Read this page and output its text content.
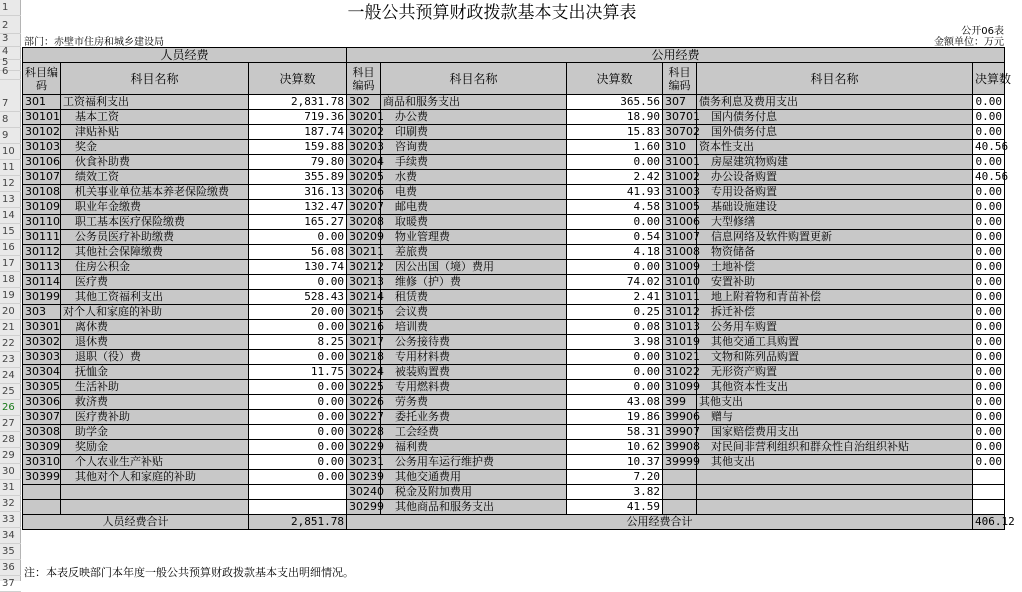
1
2
3
4
5
6
7
8
9
10
11
12
13
14
15
16
17
18
19
20
21
22
23
24
25
26
27
28
29
30
31
32
33
34
35
36
37
一般公共预算财政拨款基本支出决算表
公开06表
部门：赤壁市住房和城乡建设局	金额单位：万元
人员经费			公用经费					
科目编码	科目名称	决算数	科目编码	科目名称	决算数	科目编码	科目名称	决算数
301	工资福利支出	2,831.78	302	商品和服务支出	365.56	307	债务利息及费用支出	0.00
30101	基本工资	719.36	30201	办公费	18.90	30701	国内债务付息	0.00
30102	津贴补贴	187.74	30202	印刷费	15.83	30702	国外债务付息	0.00
30103	奖金	159.88	30203	咨询费	1.60	310	资本性支出	40.56
30106	伙食补助费	79.80	30204	手续费	0.00	31001	房屋建筑物购建	0.00
30107	绩效工资	355.89	30205	水费	2.42	31002	办公设备购置	40.56
30108	机关事业单位基本养老保险缴费	316.13	30206	电费	41.93	31003	专用设备购置	0.00
30109	职业年金缴费	132.47	30207	邮电费	4.58	31005	基础设施建设	0.00
30110	职工基本医疗保险缴费	165.27	30208	取暖费	0.00	31006	大型修缮	0.00
30111	公务员医疗补助缴费	0.00	30209	物业管理费	0.54	31007	信息网络及软件购置更新	0.00
30112	其他社会保障缴费	56.08	30211	差旅费	4.18	31008	物资储备	0.00
30113	住房公积金	130.74	30212	因公出国（境）费用	0.00	31009	土地补偿	0.00
30114	医疗费	0.00	30213	维修（护）费	74.02	31010	安置补助	0.00
30199	其他工资福利支出	528.43	30214	租赁费	2.41	31011	地上附着物和青苗补偿	0.00
303	对个人和家庭的补助	20.00	30215	会议费	0.25	31012	拆迁补偿	0.00
30301	离休费	0.00	30216	培训费	0.08	31013	公务用车购置	0.00
30302	退休费	8.25	30217	公务接待费	3.98	31019	其他交通工具购置	0.00
30303	退职（役）费	0.00	30218	专用材料费	0.00	31021	文物和陈列品购置	0.00
30304	抚恤金	11.75	30224	被装购置费	0.00	31022	无形资产购置	0.00
30305	生活补助	0.00	30225	专用燃料费	0.00	31099	其他资本性支出	0.00
30306	救济费	0.00	30226	劳务费	43.08	399	其他支出	0.00
30307	医疗费补助	0.00	30227	委托业务费	19.86	39906	赠与	0.00
30308	助学金	0.00	30228	工会经费	58.31	39907	国家赔偿费用支出	0.00
30309	奖励金	0.00	30229	福利费	10.62	39908	对民间非营利组织和群众性自治组织补贴	0.00
30310	个人农业生产补贴	0.00	30231	公务用车运行维护费	10.37	39999	其他支出	0.00
30399	其他对个人和家庭的补助	0.00	30239	其他交通费用	7.20			
			30240	税金及附加费用	3.82			
			30299	其他商品和服务支出	41.59			
人员经费合计		2,851.78	公用经费合计					406.12
注：本表反映部门本年度一般公共预算财政拨款基本支出明细情况。
